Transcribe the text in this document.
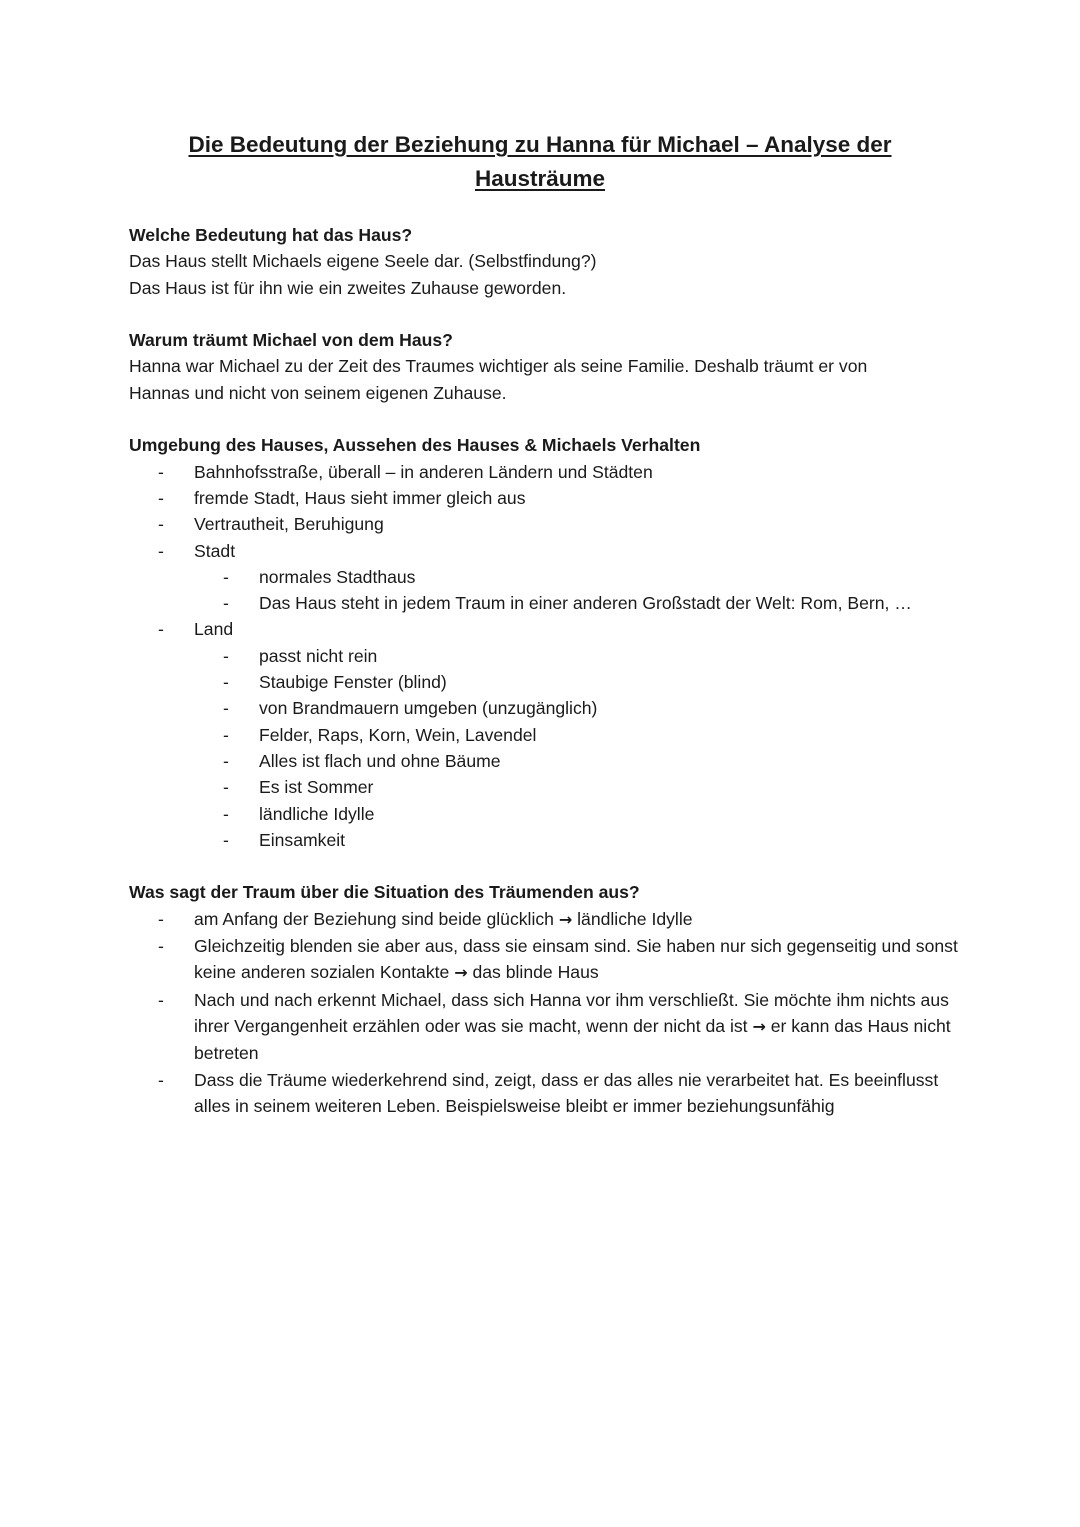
Die Bedeutung der Beziehung zu Hanna für Michael – Analyse der Hausträume

Welche Bedeutung hat das Haus?

Das Haus stellt Michaels eigene Seele dar. (Selbstfindung?)

Das Haus ist für ihn wie ein zweites Zuhause geworden.

Warum träumt Michael von dem Haus?

Hanna war Michael zu der Zeit des Traumes wichtiger als seine Familie. Deshalb träumt er von

Hannas und nicht von seinem eigenen Zuhause.

Umgebung des Hauses, Aussehen des Hauses & Michaels Verhalten

- Bahnhofsstraße, überall – in anderen Ländern und Städten
- fremde Stadt, Haus sieht immer gleich aus
- Vertrautheit, Beruhigung
- Stadt
- normales Stadthaus
- Das Haus steht in jedem Traum in einer anderen Großstadt der Welt: Rom, Bern, …
- Land
- passt nicht rein
- Staubige Fenster (blind)
- von Brandmauern umgeben (unzugänglich)
- Felder, Raps, Korn, Wein, Lavendel
- Alles ist flach und ohne Bäume
- Es ist Sommer
- ländliche Idylle
- Einsamkeit

Was sagt der Traum über die Situation des Träumenden aus?

- am Anfang der Beziehung sind beide glücklich → ländliche Idylle
- Gleichzeitig blenden sie aber aus, dass sie einsam sind. Sie haben nur sich gegenseitig und sonst keine anderen sozialen Kontakte → das blinde Haus
- Nach und nach erkennt Michael, dass sich Hanna vor ihm verschließt. Sie möchte ihm nichts aus ihrer Vergangenheit erzählen oder was sie macht, wenn der nicht da ist → er kann das Haus nicht betreten
- Dass die Träume wiederkehrend sind, zeigt, dass er das alles nie verarbeitet hat. Es beeinflusst alles in seinem weiteren Leben. Beispielsweise bleibt er immer beziehungsunfähig
